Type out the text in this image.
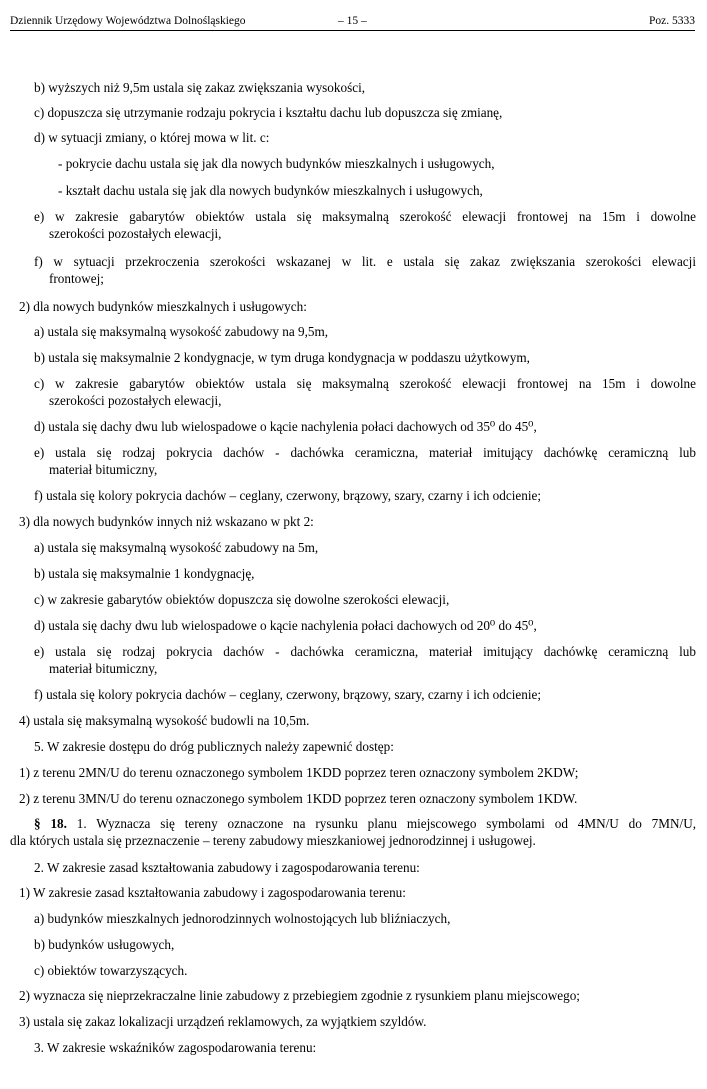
Dziennik Urzędowy Województwa Dolnośląskiego	– 15 –	Poz. 5333
b) wyższych niż 9,5m ustala się zakaz zwiększania wysokości,
c) dopuszcza się utrzymanie rodzaju pokrycia i kształtu dachu lub dopuszcza się zmianę,
d) w sytuacji zmiany, o której mowa w lit. c:
- pokrycie dachu ustala się jak dla nowych budynków mieszkalnych i usługowych,
- kształt dachu ustala się jak dla nowych budynków mieszkalnych i usługowych,
e) w zakresie gabarytów obiektów ustala się maksymalną szerokość elewacji frontowej na 15m i dowolne
szerokości pozostałych elewacji,
f) w sytuacji przekroczenia szerokości wskazanej w lit. e ustala się zakaz zwiększania szerokości elewacji
frontowej;
2) dla nowych budynków mieszkalnych i usługowych:
a) ustala się maksymalną wysokość zabudowy na 9,5m,
b) ustala się maksymalnie 2 kondygnacje, w tym druga kondygnacja w poddaszu użytkowym,
c) w zakresie gabarytów obiektów ustala się maksymalną szerokość elewacji frontowej na 15m i dowolne
szerokości pozostałych elewacji,
d) ustala się dachy dwu lub wielospadowe o kącie nachylenia połaci dachowych od 35⁰ do 45⁰,
e) ustala się rodzaj pokrycia dachów - dachówka ceramiczna, materiał imitujący dachówkę ceramiczną lub
materiał bitumiczny,
f) ustala się kolory pokrycia dachów – ceglany, czerwony, brązowy, szary, czarny i ich odcienie;
3) dla nowych budynków innych niż wskazano w pkt 2:
a) ustala się maksymalną wysokość zabudowy na 5m,
b) ustala się maksymalnie 1 kondygnację,
c) w zakresie gabarytów obiektów dopuszcza się dowolne szerokości elewacji,
d) ustala się dachy dwu lub wielospadowe o kącie nachylenia połaci dachowych od 20⁰ do 45⁰,
e) ustala się rodzaj pokrycia dachów - dachówka ceramiczna, materiał imitujący dachówkę ceramiczną lub
materiał bitumiczny,
f) ustala się kolory pokrycia dachów – ceglany, czerwony, brązowy, szary, czarny i ich odcienie;
4) ustala się maksymalną wysokość budowli na 10,5m.
5. W zakresie dostępu do dróg publicznych należy zapewnić dostęp:
1) z terenu 2MN/U do terenu oznaczonego symbolem 1KDD poprzez teren oznaczony symbolem 2KDW;
2) z terenu 3MN/U do terenu oznaczonego symbolem 1KDD poprzez teren oznaczony symbolem 1KDW.
§ 18. 1. Wyznacza się tereny oznaczone na rysunku planu miejscowego symbolami od 4MN/U do 7MN/U,
dla których ustala się przeznaczenie – tereny zabudowy mieszkaniowej jednorodzinnej i usługowej.
2. W zakresie zasad kształtowania zabudowy i zagospodarowania terenu:
1) W zakresie zasad kształtowania zabudowy i zagospodarowania terenu:
a) budynków mieszkalnych jednorodzinnych wolnostojących lub bliźniaczych,
b) budynków usługowych,
c) obiektów towarzyszących.
2) wyznacza się nieprzekraczalne linie zabudowy z przebiegiem zgodnie z rysunkiem planu miejscowego;
3) ustala się zakaz lokalizacji urządzeń reklamowych, za wyjątkiem szyldów.
3. W zakresie wskaźników zagospodarowania terenu:
